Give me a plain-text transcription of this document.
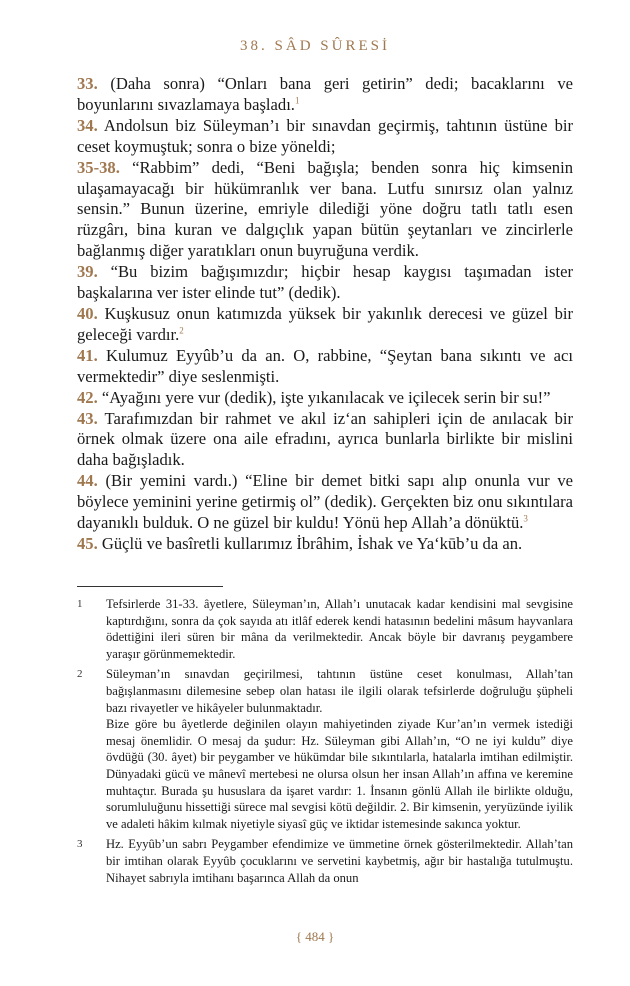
38. SÂD SÛRESİ

33. (Daha sonra) “Onları bana geri getirin” dedi; bacaklarını ve boyunlarını sıvazlamaya başladı.$^1$

34. Andolsun biz Süleyman’ı bir sınavdan geçirmiş, tahtının üstüne bir ceset koymuştuk; sonra o bize yöneldi;

35-38. “Rabbim” dedi, “Beni bağışla; benden sonra hiç kimsenin ulaşamayacağı bir hükümranlık ver bana. Lutfu sınırsız olan yalnız sensin.” Bunun üzerine, emriyle dilediği yöne doğru tatlı tatlı esen rüzgârı, bina kuran ve dalgıçlık yapan bütün şeytanları ve zincirlerle bağlanmış diğer yaratıkları onun buyruğuna verdik.

39. “Bu bizim bağışımızdır; hiçbir hesap kaygısı taşımadan ister başkalarına ver ister elinde tut” (dedik).

40. Kuşkusuz onun katımızda yüksek bir yakınlık derecesi ve güzel bir geleceği vardır.$^2$

41. Kulumuz Eyyûb’u da an. O, rabbine, “Şeytan bana sıkıntı ve acı vermektedir” diye seslenmişti.

42. “Ayağını yere vur (dedik), işte yıkanılacak ve içilecek serin bir su!”

43. Tarafımızdan bir rahmet ve akıl iz‘an sahipleri için de anılacak bir örnek olmak üzere ona aile efradını, ayrıca bunlarla birlikte bir mislini daha bağışladık.

44. (Bir yemini vardı.) “Eline bir demet bitki sapı alıp onunla vur ve böylece yeminini yerine getirmiş ol” (dedik). Gerçekten biz onu sıkıntılara dayanıklı bulduk. O ne güzel bir kuldu! Yönü hep Allah’a dönüktü.$^3$

45. Güçlü ve basîretli kullarımız İbrâhim, İshak ve Ya‘kūb’u da an.

1	Tefsirlerde 31-33. âyetlere, Süleyman’ın, Allah’ı unutacak kadar kendisini mal sevgisine kaptırdığını, sonra da çok sayıda atı itlâf ederek kendi hatasının bedelini mâsum hayvanlara ödettiğini ileri süren bir mâna da verilmektedir. Ancak böyle bir davranış peygambere yaraşır görünmemektedir.

2	Süleyman’ın sınavdan geçirilmesi, tahtının üstüne ceset konulması, Allah’tan bağışlanmasını dilemesine sebep olan hatası ile ilgili olarak tefsirlerde doğruluğu şüpheli bazı rivayetler ve hikâyeler bulunmaktadır.

Bize göre bu âyetlerde değinilen olayın mahiyetinden ziyade Kur’an’ın vermek istediği mesaj önemlidir. O mesaj da şudur: Hz. Süleyman gibi Allah’ın, “O ne iyi kuldu” diye övdüğü (30. âyet) bir peygamber ve hükümdar bile sıkıntılarla, hatalarla imtihan edilmiştir. Dünyadaki gücü ve mânevî mertebesi ne olursa olsun her insan Allah’ın affına ve keremine muhtaçtır. Burada şu hususlara da işaret vardır: 1. İnsanın gönlü Allah ile birlikte olduğu, sorumluluğunu hissettiği sürece mal sevgisi kötü değildir. 2. Bir kimsenin, yeryüzünde iyilik ve adaleti hâkim kılmak niyetiyle siyasî güç ve iktidar istemesinde sakınca yoktur.

3	Hz. Eyyûb’un sabrı Peygamber efendimize ve ümmetine örnek gösterilmektedir. Allah’tan bir imtihan olarak Eyyûb çocuklarını ve servetini kaybetmiş, ağır bir hastalığa tutulmuştu. Nihayet sabrıyla imtihanı başarınca Allah da onun

{ 484 }
